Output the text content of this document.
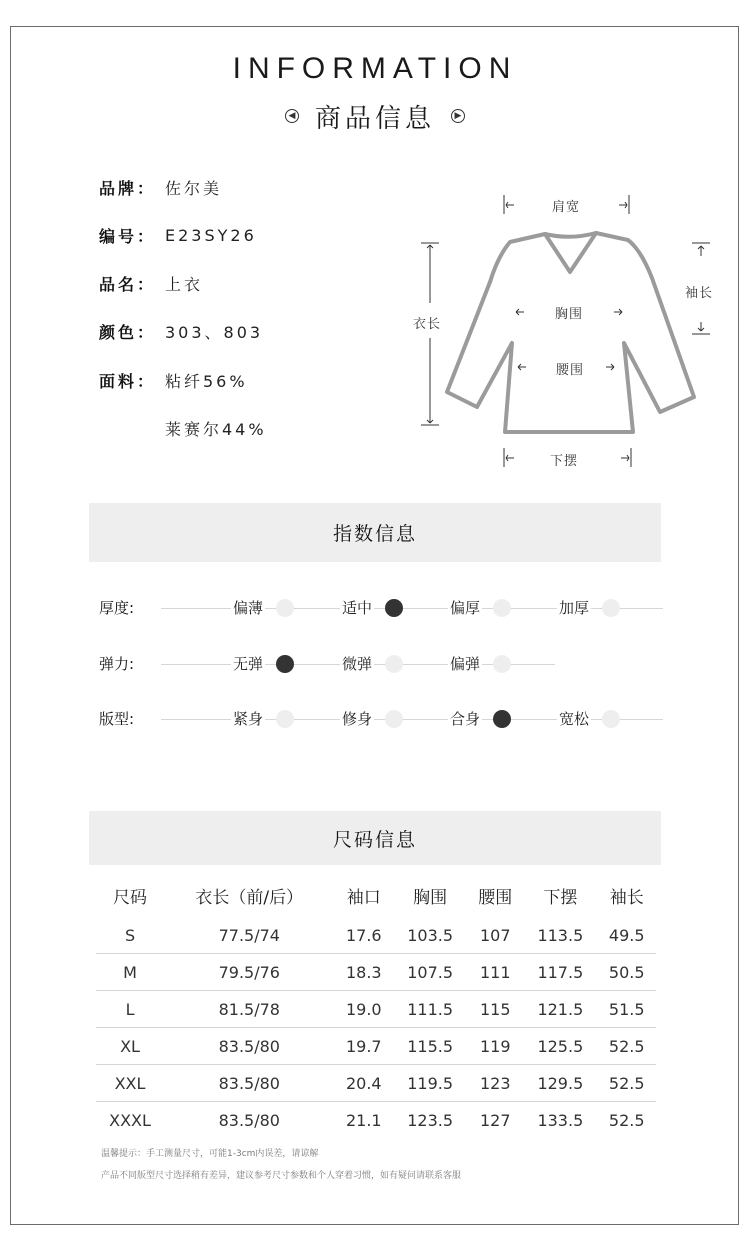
INFORMATION
◀ 商品信息	▶
品牌： 佐尔美
编号： E23SY26
品名： 上衣
颜色： 303、803
面料： 粘纤56%
莱赛尔44%
肩宽
衣长
袖长
胸围
腰围
下摆
指数信息
厚度:	偏薄	适中	偏厚	加厚
弹力:	无弹	微弹	偏弹
版型:	紧身	修身	合身	宽松
尺码信息
尺码	衣长（前/后）	袖口	胸围	腰围	下摆	袖长
S	77.5/74	17.6	103.5	107	113.5	49.5
M	79.5/76	18.3	107.5	111	117.5	50.5
L	81.5/78	19.0	111.5	115	121.5	51.5
XL	83.5/80	19.7	115.5	119	125.5	52.5
XXL	83.5/80	20.4	119.5	123	129.5	52.5
XXXL	83.5/80	21.1	123.5	127	133.5	52.5
温馨提示：手工测量尺寸，可能1-3cm内误差，请谅解
产品不同版型尺寸选择稍有差异，建议参考尺寸参数和个人穿着习惯，如有疑问请联系客服
